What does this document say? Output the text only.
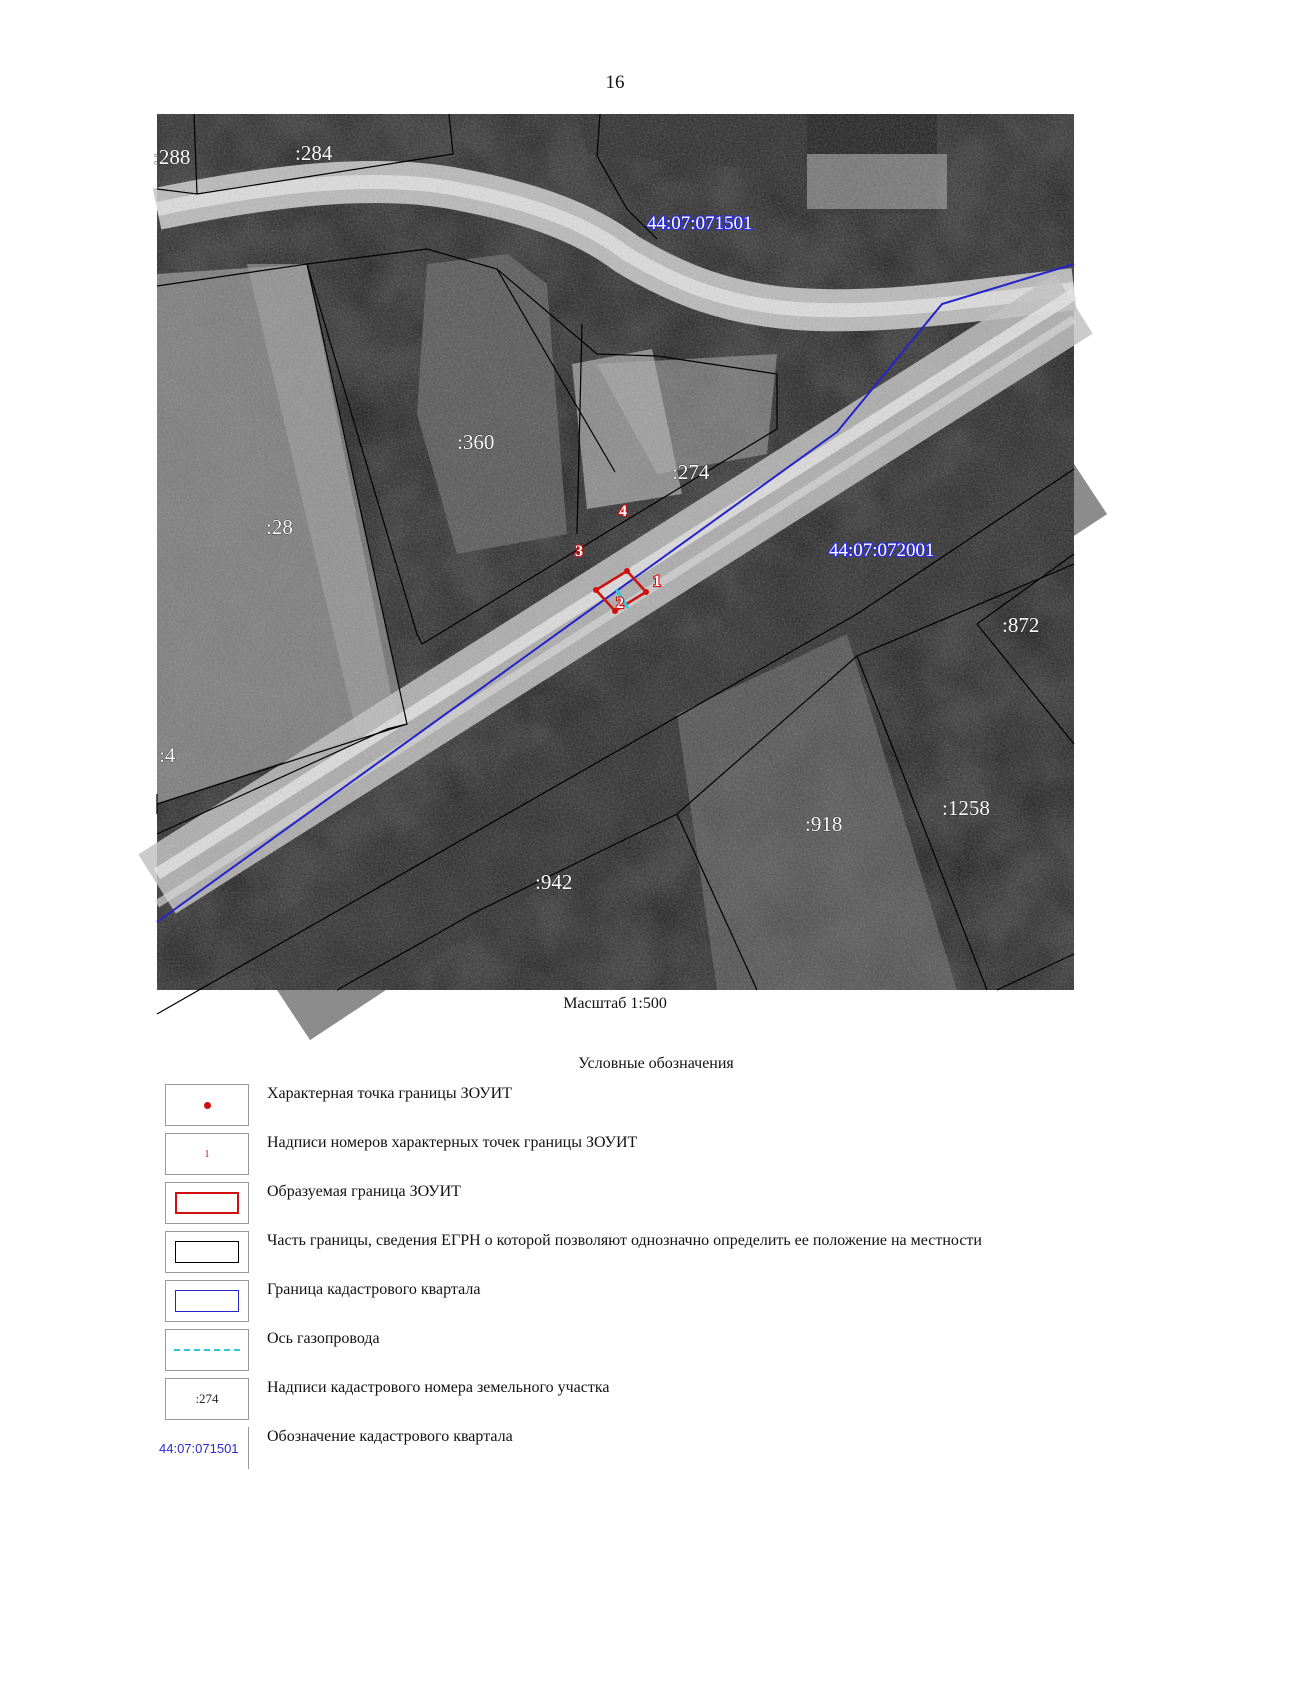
16
:288	:284
:360
:274
:28
:4
:872
:918
:1258
:942
44:07:071501
44:07:072001
1
2
3
4
Масштаб 1:500
Условные обозначения
Характерная точка границы ЗОУИТ
1
Надписи номеров характерных точек границы ЗОУИТ
Образуемая граница ЗОУИТ
Часть границы, сведения ЕГРН о которой позволяют однозначно определить ее положение на местности
Граница кадастрового квартала
Ось газопровода
:274
Надписи кадастрового номера земельного участка
44:07:071501
Обозначение кадастрового квартала
